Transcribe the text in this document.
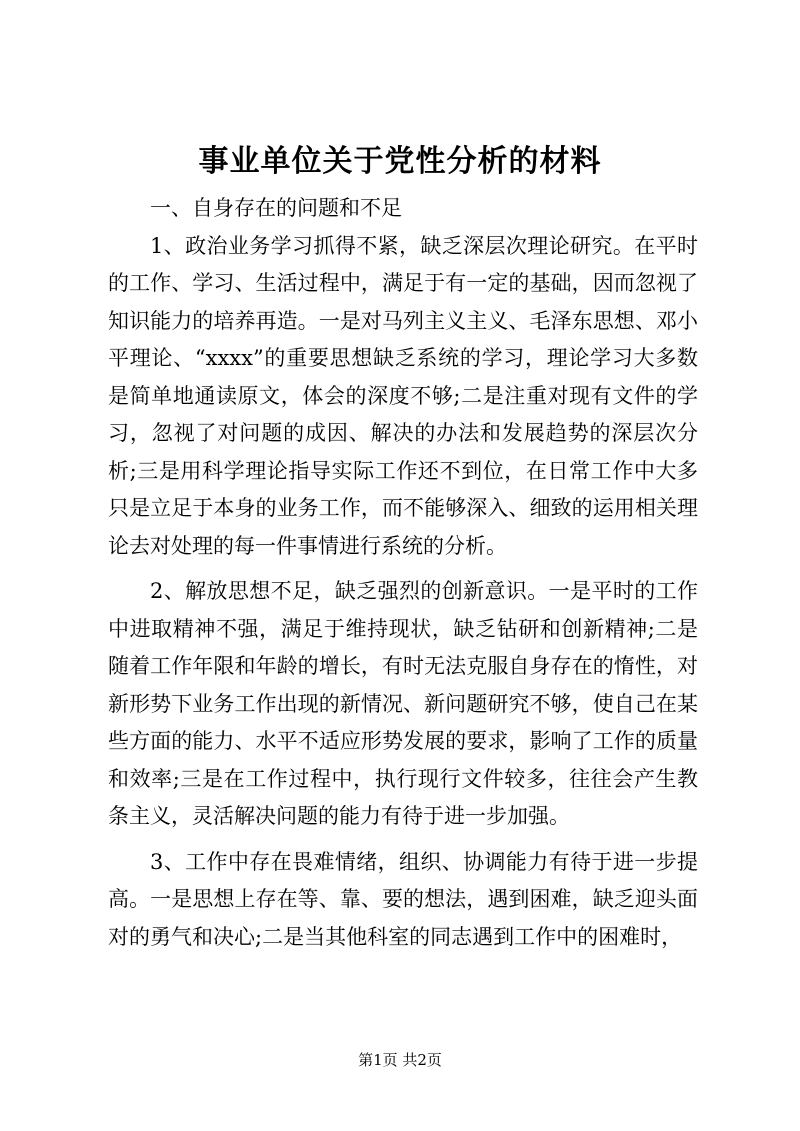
事业单位关于党性分析的材料

一、自身存在的问题和不足

1、政治业务学习抓得不紧，缺乏深层次理论研究。在平时的工作、学习、生活过程中，满足于有一定的基础，因而忽视了知识能力的培养再造。一是对马列主义主义、毛泽东思想、邓小平理论、“xxxx”的重要思想缺乏系统的学习，理论学习大多数是简单地通读原文，体会的深度不够;二是注重对现有文件的学习，忽视了对问题的成因、解决的办法和发展趋势的深层次分析;三是用科学理论指导实际工作还不到位，在日常工作中大多只是立足于本身的业务工作，而不能够深入、细致的运用相关理论去对处理的每一件事情进行系统的分析。

2、解放思想不足，缺乏强烈的创新意识。一是平时的工作中进取精神不强，满足于维持现状，缺乏钻研和创新精神;二是随着工作年限和年龄的增长，有时无法克服自身存在的惰性，对新形势下业务工作出现的新情况、新问题研究不够，使自己在某些方面的能力、水平不适应形势发展的要求，影响了工作的质量和效率;三是在工作过程中，执行现行文件较多，往往会产生教条主义，灵活解决问题的能力有待于进一步加强。

3、工作中存在畏难情绪，组织、协调能力有待于进一步提高。一是思想上存在等、靠、要的想法，遇到困难，缺乏迎头面对的勇气和决心;二是当其他科室的同志遇到工作中的困难时，

第1页 共2页
